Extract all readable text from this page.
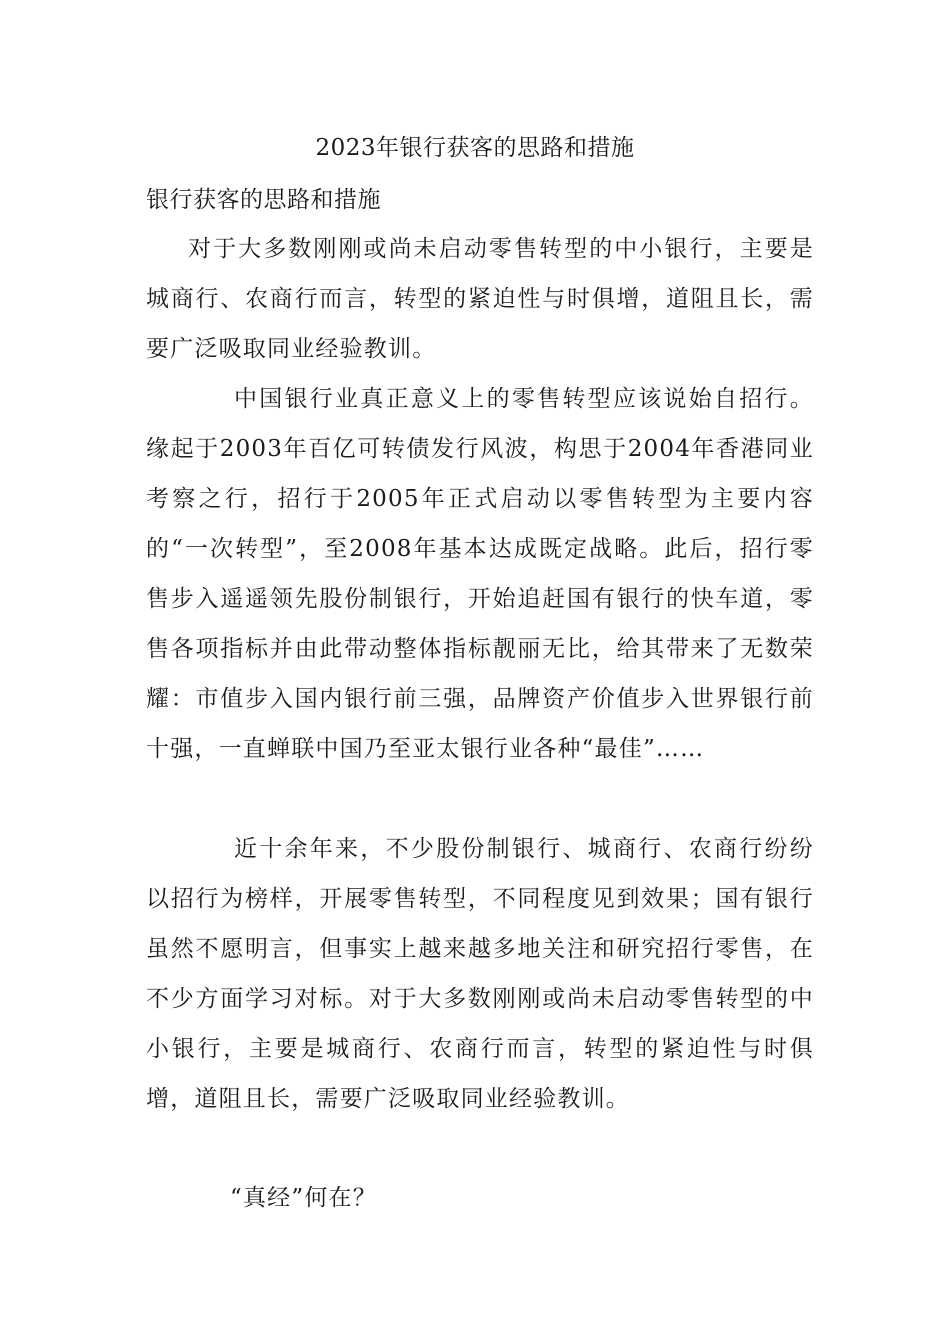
2023年银行获客的思路和措施
银行获客的思路和措施

对于大多数刚刚或尚未启动零售转型的中小银行，主要是城商行、农商行而言，转型的紧迫性与时俱增，道阻且长，需要广泛吸取同业经验教训。

中国银行业真正意义上的零售转型应该说始自招行。缘起于2003年百亿可转债发行风波，构思于2004年香港同业考察之行，招行于2005年正式启动以零售转型为主要内容的“一次转型”，至2008年基本达成既定战略。此后，招行零售步入遥遥领先股份制银行，开始追赶国有银行的快车道，零售各项指标并由此带动整体指标靓丽无比，给其带来了无数荣耀：市值步入国内银行前三强，品牌资产价值步入世界银行前十强，一直蝉联中国乃至亚太银行业各种“最佳”……

近十余年来，不少股份制银行、城商行、农商行纷纷以招行为榜样，开展零售转型，不同程度见到效果；国有银行虽然不愿明言，但事实上越来越多地关注和研究招行零售，在不少方面学习对标。对于大多数刚刚或尚未启动零售转型的中小银行，主要是城商行、农商行而言，转型的紧迫性与时俱增，道阻且长，需要广泛吸取同业经验教训。

“真经”何在？
